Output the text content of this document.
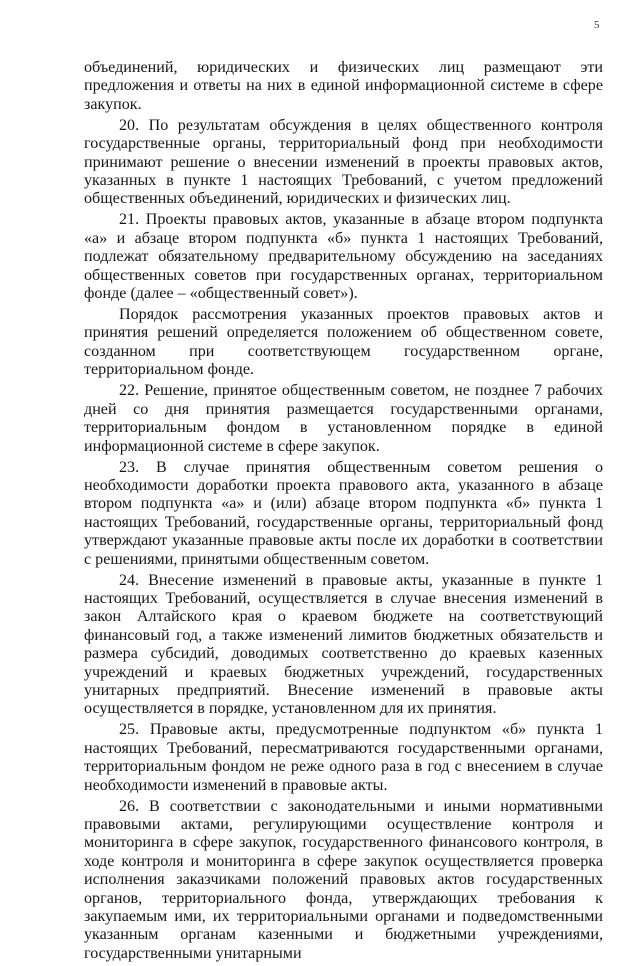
5

объединений, юридических и физических лиц размещают эти предложения и ответы на них в единой информационной системе в сфере закупок.

20. По результатам обсуждения в целях общественного контроля государственные органы, территориальный фонд при необходимости принимают решение о внесении изменений в проекты правовых актов, указанных в пункте 1 настоящих Требований, с учетом предложений общественных объединений, юридических и физических лиц.

21. Проекты правовых актов, указанные в абзаце втором подпункта «а» и абзаце втором подпункта «б» пункта 1 настоящих Требований, подлежат обязательному предварительному обсуждению на заседаниях общественных советов при государственных органах, территориальном фонде (далее – «общественный совет»).

Порядок рассмотрения указанных проектов правовых актов и принятия решений определяется положением об общественном совете, созданном при соответствующем государственном органе, территориальном фонде.

22. Решение, принятое общественным советом, не позднее 7 рабочих дней со дня принятия размещается государственными органами, территориальным фондом в установленном порядке в единой информационной системе в сфере закупок.

23. В случае принятия общественным советом решения о необходимости доработки проекта правового акта, указанного в абзаце втором подпункта «а» и (или) абзаце втором подпункта «б» пункта 1 настоящих Требований, государственные органы, территориальный фонд утверждают указанные правовые акты после их доработки в соответствии с решениями, принятыми общественным советом.

24. Внесение изменений в правовые акты, указанные в пункте 1 настоящих Требований, осуществляется в случае внесения изменений в закон Алтайского края о краевом бюджете на соответствующий финансовый год, а также изменений лимитов бюджетных обязательств и размера субсидий, доводимых соответственно до краевых казенных учреждений и краевых бюджетных учреждений, государственных унитарных предприятий. Внесение изменений в правовые акты осуществляется в порядке, установленном для их принятия.

25. Правовые акты, предусмотренные подпунктом «б» пункта 1 настоящих Требований, пересматриваются государственными органами, территориальным фондом не реже одного раза в год с внесением в случае необходимости изменений в правовые акты.

26. В соответствии с законодательными и иными нормативными правовыми актами, регулирующими осуществление контроля и мониторинга в сфере закупок, государственного финансового контроля, в ходе контроля и мониторинга в сфере закупок осуществляется проверка исполнения заказчиками положений правовых актов государственных органов, территориального фонда, утверждающих требования к закупаемым ими, их территориальными органами и подведомственными указанным органам казенными и бюджетными учреждениями, государственными унитарными
